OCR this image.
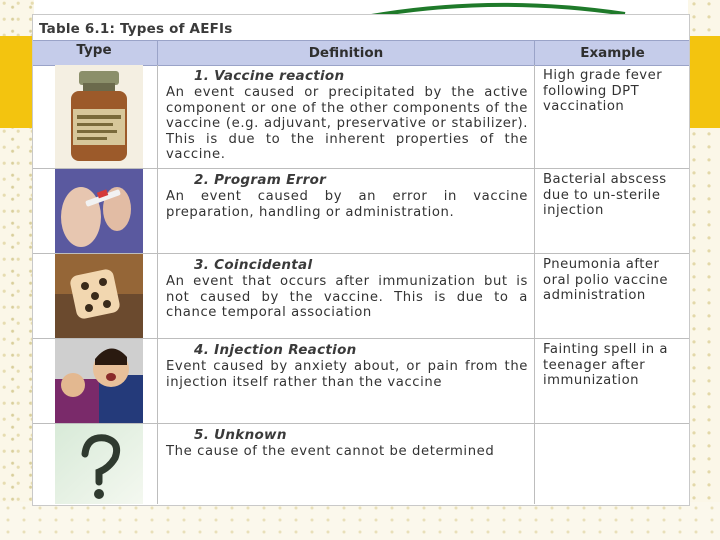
Table 6.1: Types of AEFIs
Type	Definition	Example
1. Vaccine reaction
An event caused or precipitated by the active component or one of the other components of the vaccine (e.g. adjuvant, preservative or stabilizer). This is due to the inherent properties of the vaccine.
High grade fever following DPT vaccination
2. Program Error
An event caused by an error in vaccine preparation, handling or administration.
Bacterial abscess due to un-sterile injection
3. Coincidental
An event that occurs after immunization but is not caused by the vaccine. This is due to a chance temporal association
Pneumonia after oral polio vaccine administration
4. Injection Reaction
Event caused by anxiety about, or pain from the injection itself rather than the vaccine
Fainting spell in a teenager after immunization
5. Unknown
The cause of the event cannot be determined
